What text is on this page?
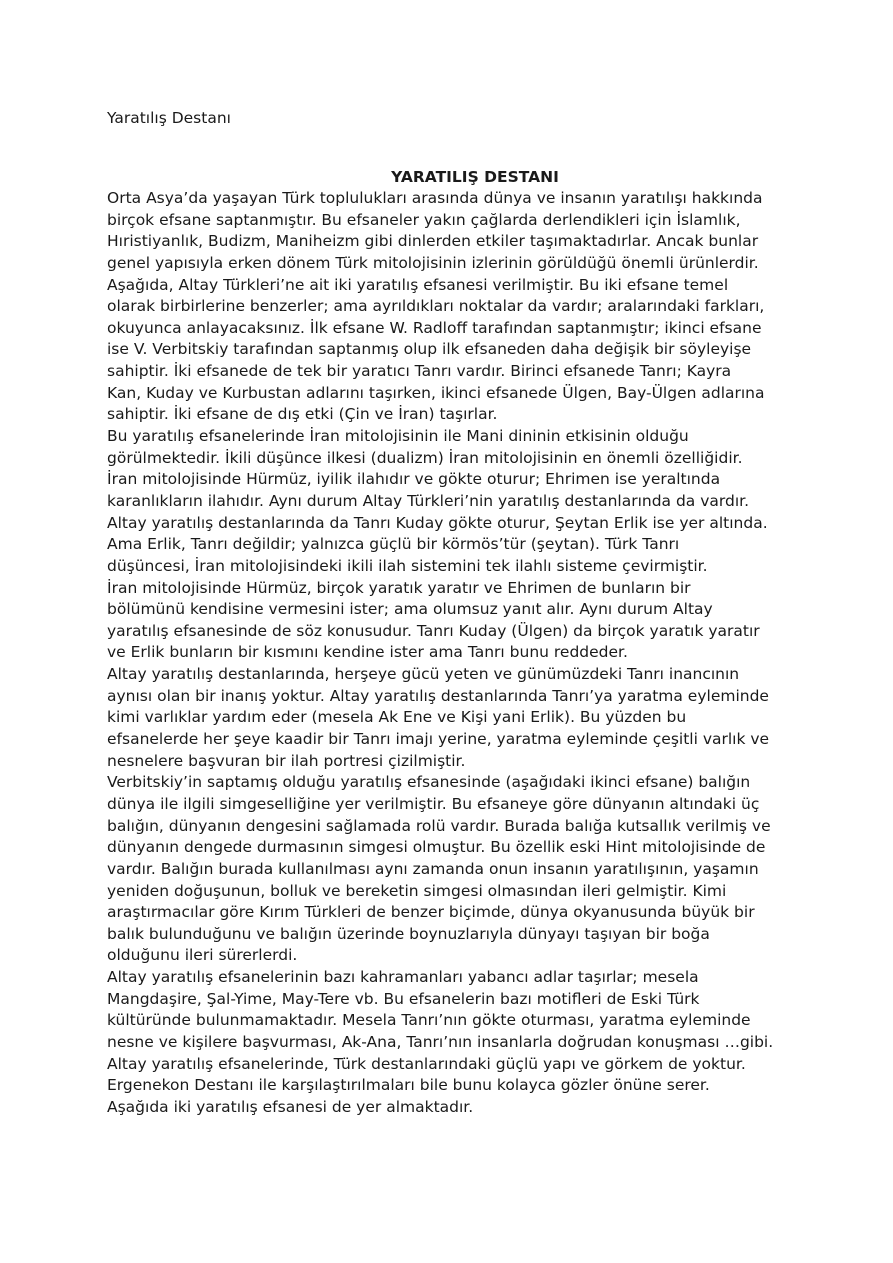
Yaratılış Destanı
YARATILIŞ DESTANI

Orta Asya’da yaşayan Türk toplulukları arasında dünya ve insanın yaratılışı hakkında

birçok efsane saptanmıştır. Bu efsaneler yakın çağlarda derlendikleri için İslamlık,

Hıristiyanlık, Budizm, Maniheizm gibi dinlerden etkiler taşımaktadırlar. Ancak bunlar

genel yapısıyla erken dönem Türk mitolojisinin izlerinin görüldüğü önemli ürünlerdir.

Aşağıda, Altay Türkleri’ne ait iki yaratılış efsanesi verilmiştir. Bu iki efsane temel

olarak birbirlerine benzerler; ama ayrıldıkları noktalar da vardır; aralarındaki farkları,

okuyunca anlayacaksınız. İlk efsane W. Radloff tarafından saptanmıştır; ikinci efsane

ise V. Verbitskiy tarafından saptanmış olup ilk efsaneden daha değişik bir söyleyişe

sahiptir. İki efsanede de tek bir yaratıcı Tanrı vardır. Birinci efsanede Tanrı; Kayra

Kan, Kuday ve Kurbustan adlarını taşırken, ikinci efsanede Ülgen, Bay-Ülgen adlarına

sahiptir. İki efsane de dış etki (Çin ve İran) taşırlar.

Bu yaratılış efsanelerinde İran mitolojisinin ile Mani dininin etkisinin olduğu

görülmektedir. İkili düşünce ilkesi (dualizm) İran mitolojisinin en önemli özelliğidir.

İran mitolojisinde Hürmüz, iyilik ilahıdır ve gökte oturur; Ehrimen ise yeraltında

karanlıkların ilahıdır. Aynı durum Altay Türkleri’nin yaratılış destanlarında da vardır.

Altay yaratılış destanlarında da Tanrı Kuday gökte oturur, Şeytan Erlik ise yer altında.

Ama Erlik, Tanrı değildir; yalnızca güçlü bir körmös’tür (şeytan). Türk Tanrı

düşüncesi, İran mitolojisindeki ikili ilah sistemini tek ilahlı sisteme çevirmiştir.

İran mitolojisinde Hürmüz, birçok yaratık yaratır ve Ehrimen de bunların bir

bölümünü kendisine vermesini ister; ama olumsuz yanıt alır. Aynı durum Altay

yaratılış efsanesinde de söz konusudur. Tanrı Kuday (Ülgen) da birçok yaratık yaratır

ve Erlik bunların bir kısmını kendine ister ama Tanrı bunu reddeder.

Altay yaratılış destanlarında, herşeye gücü yeten ve günümüzdeki Tanrı inancının

aynısı olan bir inanış yoktur. Altay yaratılış destanlarında Tanrı’ya yaratma eyleminde

kimi varlıklar yardım eder (mesela Ak Ene ve Kişi yani Erlik). Bu yüzden bu

efsanelerde her şeye kaadir bir Tanrı imajı yerine, yaratma eyleminde çeşitli varlık ve

nesnelere başvuran bir ilah portresi çizilmiştir.

Verbitskiy’in saptamış olduğu yaratılış efsanesinde (aşağıdaki ikinci efsane) balığın

dünya ile ilgili simgeselliğine yer verilmiştir. Bu efsaneye göre dünyanın altındaki üç

balığın, dünyanın dengesini sağlamada rolü vardır. Burada balığa kutsallık verilmiş ve

dünyanın dengede durmasının simgesi olmuştur. Bu özellik eski Hint mitolojisinde de

vardır. Balığın burada kullanılması aynı zamanda onun insanın yaratılışının, yaşamın

yeniden doğuşunun, bolluk ve bereketin simgesi olmasından ileri gelmiştir. Kimi

araştırmacılar göre Kırım Türkleri de benzer biçimde, dünya okyanusunda büyük bir

balık bulunduğunu ve balığın üzerinde boynuzlarıyla dünyayı taşıyan bir boğa

olduğunu ileri sürerlerdi.

Altay yaratılış efsanelerinin bazı kahramanları yabancı adlar taşırlar; mesela

Mangdaşire, Şal-Yime, May-Tere vb. Bu efsanelerin bazı motifleri de Eski Türk

kültüründe bulunmamaktadır. Mesela Tanrı’nın gökte oturması, yaratma eyleminde

nesne ve kişilere başvurması, Ak-Ana, Tanrı’nın insanlarla doğrudan konuşması …gibi.

Altay yaratılış efsanelerinde, Türk destanlarındaki güçlü yapı ve görkem de yoktur.

Ergenekon Destanı ile karşılaştırılmaları bile bunu kolayca gözler önüne serer.

Aşağıda iki yaratılış efsanesi de yer almaktadır.
